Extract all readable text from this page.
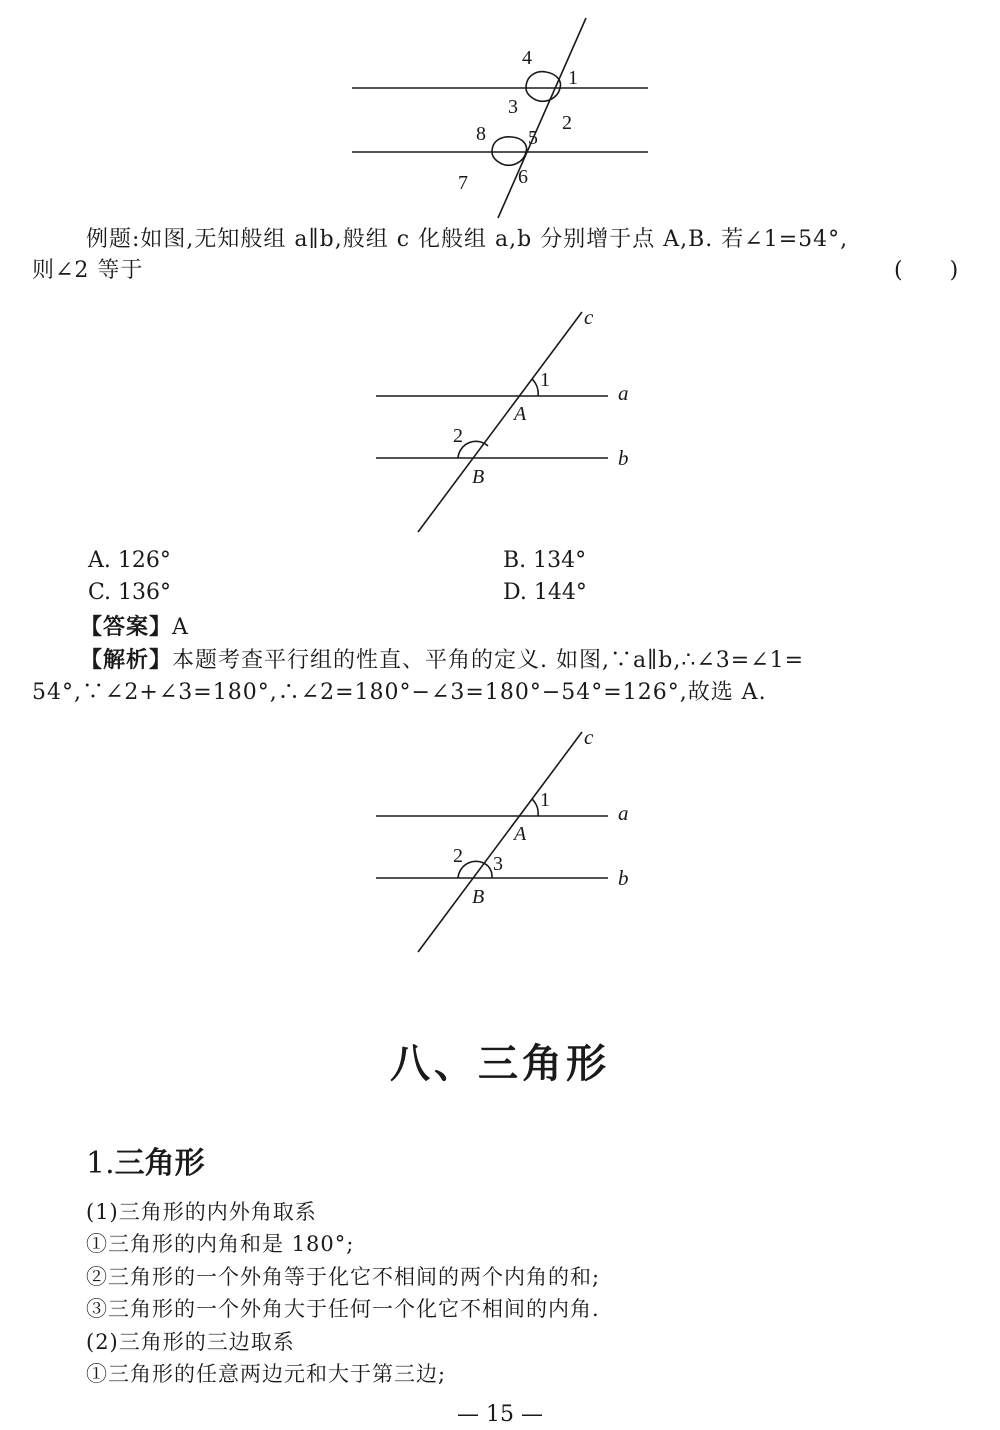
4
1
3
2
8 5
7	6
例题:如图,无知般组 a∥b,般组 c 化般组 a,b 分别增于点 A,B. 若∠1=54°,
则∠2 等于	(　　)
c
a
b
1
A
2
B
A. 126°	B. 134°
C. 136°	D. 144°
【答案】A
【解析】本题考查平行组的性直、平角的定义. 如图,∵a∥b,∴∠3=∠1=
54°,∵∠2+∠3=180°,∴∠2=180°−∠3=180°−54°=126°,故选 A.
c
a
b
1
A
2 3
B
八、三角形
1.三角形
(1)三角形的内外角取系
①三角形的内角和是 180°;
②三角形的一个外角等于化它不相间的两个内角的和;
③三角形的一个外角大于任何一个化它不相间的内角.
(2)三角形的三边取系
①三角形的任意两边元和大于第三边;
— 15 —
